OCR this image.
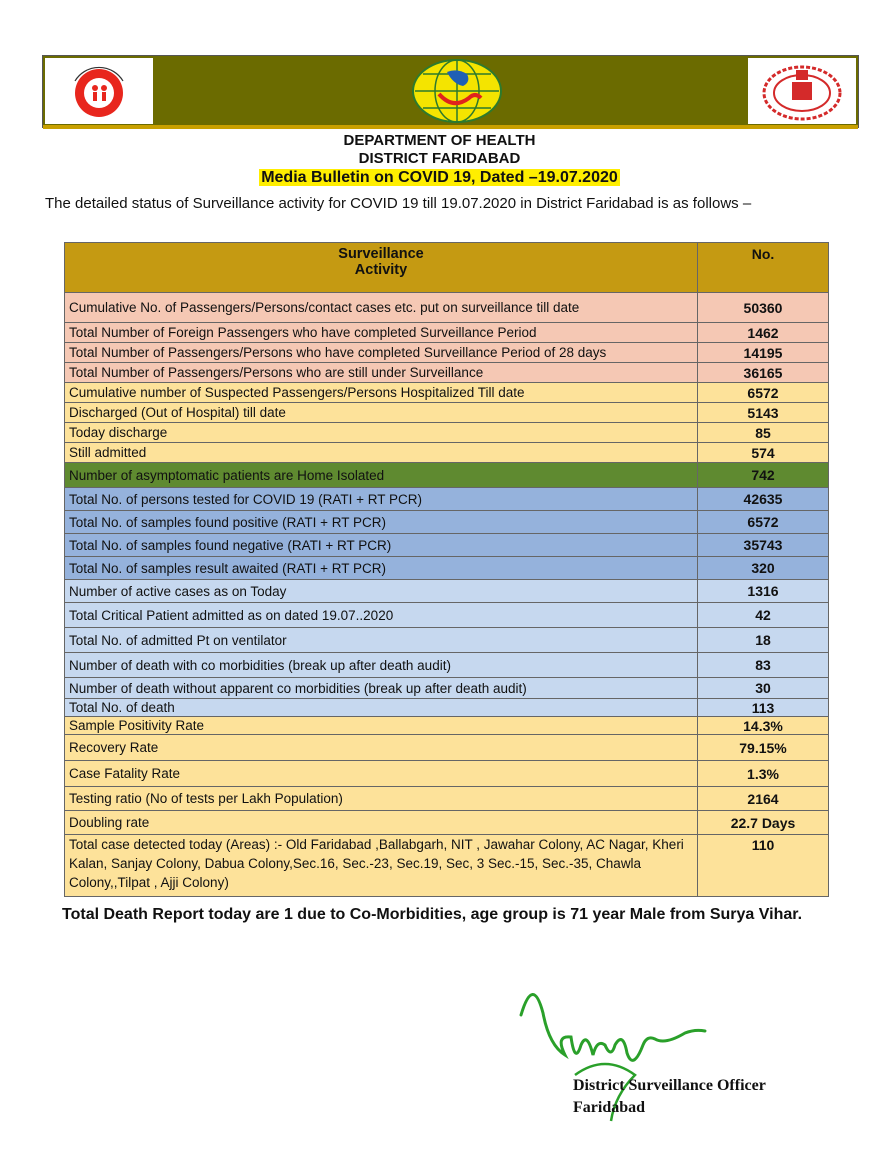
DEPARTMENT OF HEALTH
DISTRICT FARIDABAD
Media Bulletin on COVID 19, Dated –19.07.2020
The detailed status of Surveillance activity for COVID 19 till 19.07.2020 in District Faridabad is as follows –
Surveillance
Activity	No.
Cumulative No. of Passengers/Persons/contact cases etc. put on surveillance till date	50360
Total Number of Foreign Passengers who have completed Surveillance Period	1462
Total Number of Passengers/Persons who have completed Surveillance Period of 28 days	14195
Total Number of Passengers/Persons who are still under Surveillance	36165
Cumulative number of Suspected Passengers/Persons Hospitalized Till date	6572
Discharged (Out of Hospital) till date	5143
Today discharge	85
Still admitted	574
Number of asymptomatic patients are Home Isolated	742
Total No. of persons tested for COVID 19 (RATI + RT PCR)	42635
Total No. of samples found positive (RATI + RT PCR)	6572
Total No. of samples found negative (RATI + RT PCR)	35743
Total No. of samples result awaited (RATI + RT PCR)	320
Number of active cases as on Today	1316
Total Critical Patient admitted as on dated 19.07..2020	42
Total No. of admitted Pt on ventilator	18
Number of death with co morbidities (break up after death audit)	83
Number of death without apparent co morbidities (break up after death audit)	30
Total No. of death	113
Sample Positivity Rate	14.3%
Recovery Rate	79.15%
Case Fatality Rate	1.3%
Testing ratio (No of tests per Lakh Population)	2164
Doubling rate	22.7 Days
Total case detected today (Areas) :- Old Faridabad ,Ballabgarh, NIT , Jawahar Colony, AC Nagar, Kheri Kalan, Sanjay Colony, Dabua Colony,Sec.16, Sec.-23, Sec.19, Sec, 3 Sec.-15, Sec.-35, Chawla Colony,,Tilpat , Ajji Colony)	110
Total Death Report today are 1 due to Co-Morbidities, age group is 71 year Male from Surya Vihar.
District Surveillance Officer
Faridabad
